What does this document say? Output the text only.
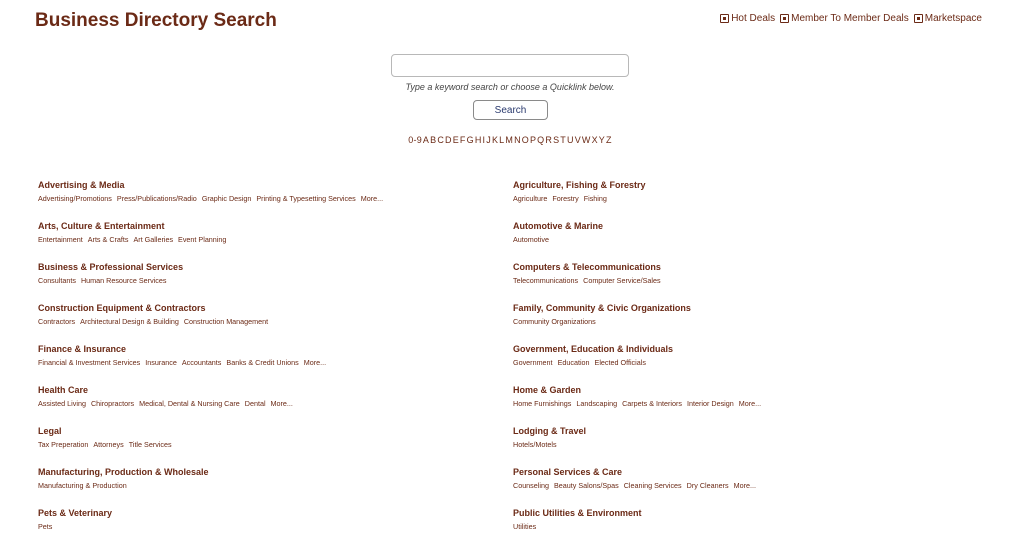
Business Directory Search	Hot Deals Member To Member Deals Marketspace
Type a keyword search or choose a Quicklink below.
Search
0-9ABCDEFGHIJKLMNOPQRSTUVWXYZ
Advertising & Media
Advertising/Promotions Press/Publications/Radio Graphic Design Printing & Typesetting Services More...
Agriculture, Fishing & Forestry
Agriculture Forestry Fishing
Arts, Culture & Entertainment
Entertainment Arts & Crafts Art Galleries Event Planning
Automotive & Marine
Automotive
Business & Professional Services
Consultants Human Resource Services
Computers & Telecommunications
Telecommunications Computer Service/Sales
Construction Equipment & Contractors
Contractors Architectural Design & Building Construction Management
Family, Community & Civic Organizations
Community Organizations
Finance & Insurance
Financial & Investment Services Insurance Accountants Banks & Credit Unions More...
Government, Education & Individuals
Government Education Elected Officials
Health Care
Assisted Living Chiropractors Medical, Dental & Nursing Care Dental More...
Home & Garden
Home Furnishings Landscaping Carpets & Interiors Interior Design More...
Legal
Tax Preperation Attorneys Title Services
Lodging & Travel
Hotels/Motels
Manufacturing, Production & Wholesale
Manufacturing & Production
Personal Services & Care
Counseling Beauty Salons/Spas Cleaning Services Dry Cleaners More...
Pets & Veterinary
Pets
Public Utilities & Environment
Utilities
